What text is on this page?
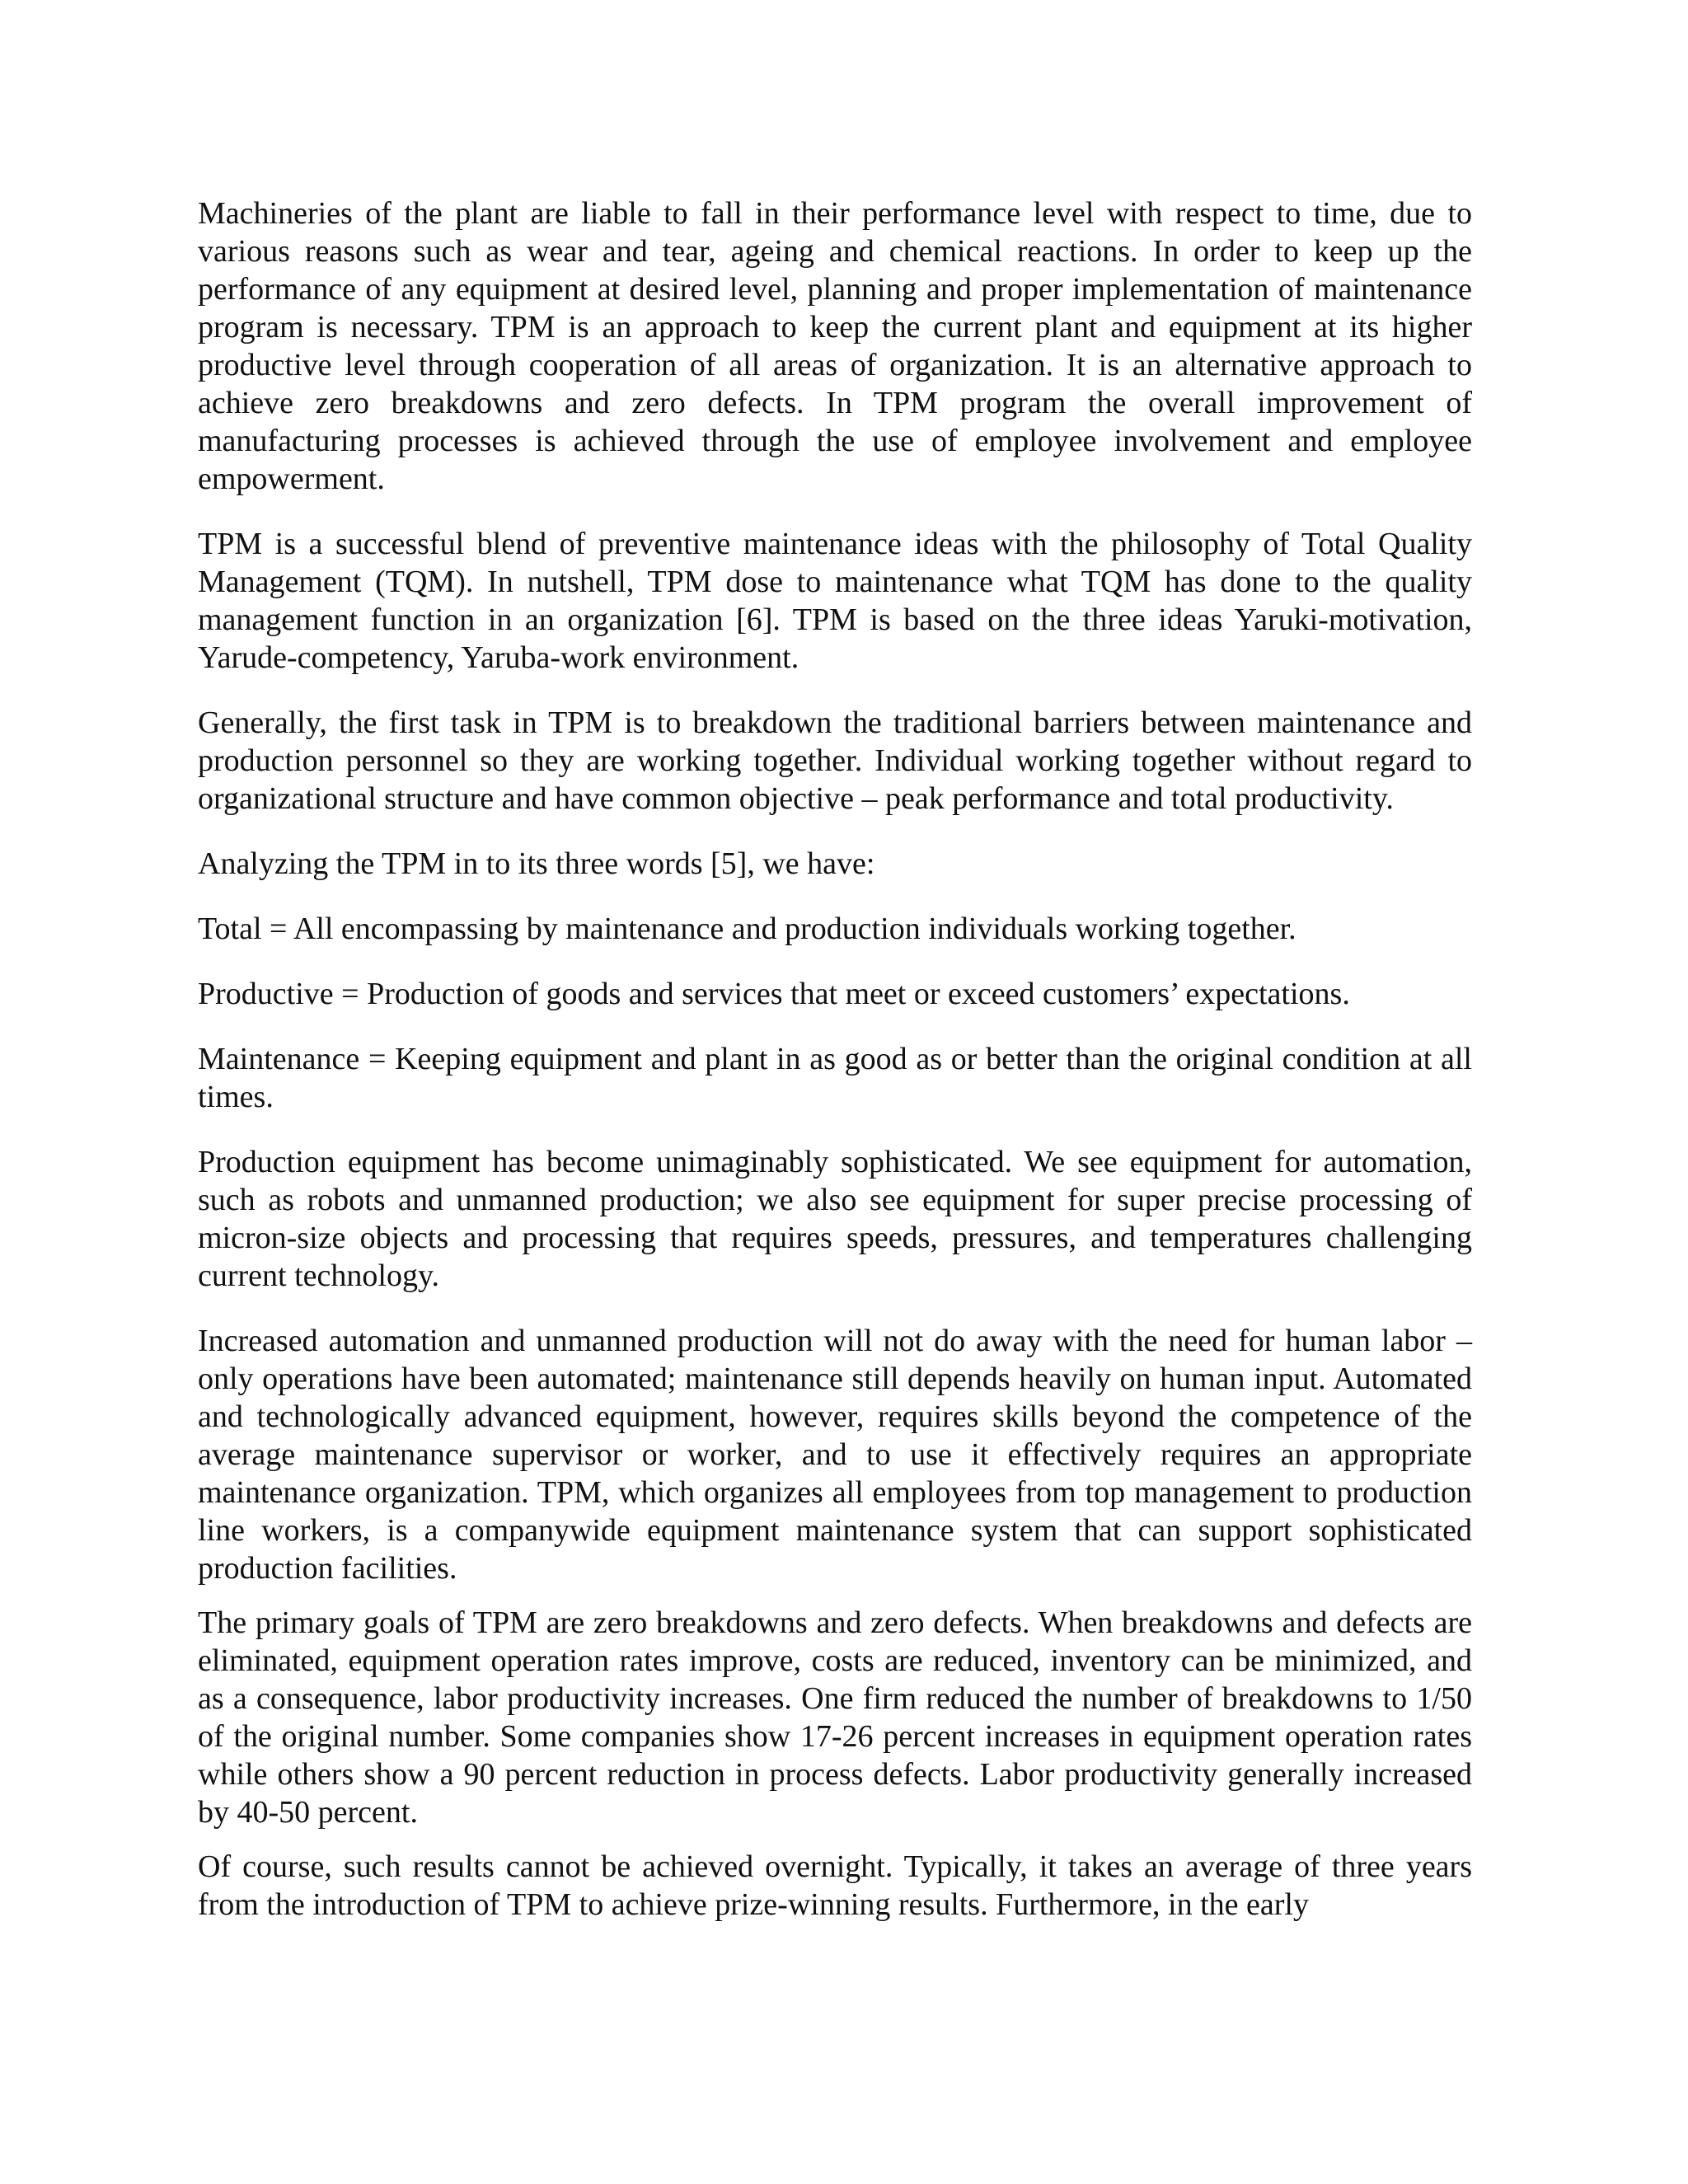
Machineries of the plant are liable to fall in their performance level with respect to time, due to various reasons such as wear and tear, ageing and chemical reactions. In order to keep up the performance of any equipment at desired level, planning and proper implementation of maintenance program is necessary. TPM is an approach to keep the current plant and equipment at its higher productive level through cooperation of all areas of organization. It is an alternative approach to achieve zero breakdowns and zero defects. In TPM program the overall improvement of manufacturing processes is achieved through the use of employee involvement and employee empowerment.

TPM is a successful blend of preventive maintenance ideas with the philosophy of Total Quality Management (TQM). In nutshell, TPM dose to maintenance what TQM has done to the quality management function in an organization [6]. TPM is based on the three ideas Yaruki-motivation, Yarude-competency, Yaruba-work environment.

Generally, the first task in TPM is to breakdown the traditional barriers between maintenance and production personnel so they are working together. Individual working together without regard to organizational structure and have common objective – peak performance and total productivity.

Analyzing the TPM in to its three words [5], we have:

Total = All encompassing by maintenance and production individuals working together.

Productive = Production of goods and services that meet or exceed customers’ expectations.

Maintenance = Keeping equipment and plant in as good as or better than the original condition at all times.

Production equipment has become unimaginably sophisticated. We see equipment for automation, such as robots and unmanned production; we also see equipment for super precise processing of micron-size objects and processing that requires speeds, pressures, and temperatures challenging current technology.

Increased automation and unmanned production will not do away with the need for human labor – only operations have been automated; maintenance still depends heavily on human input. Automated and technologically advanced equipment, however, requires skills beyond the competence of the average maintenance supervisor or worker, and to use it effectively requires an appropriate maintenance organization. TPM, which organizes all employees from top management to production line workers, is a companywide equipment maintenance system that can support sophisticated production facilities.

The primary goals of TPM are zero breakdowns and zero defects. When breakdowns and defects are eliminated, equipment operation rates improve, costs are reduced, inventory can be minimized, and as a consequence, labor productivity increases. One firm reduced the number of breakdowns to 1/50 of the original number. Some companies show 17-26 percent increases in equipment operation rates while others show a 90 percent reduction in process defects. Labor productivity generally increased by 40-50 percent.

Of course, such results cannot be achieved overnight. Typically, it takes an average of three years from the introduction of TPM to achieve prize-winning results. Furthermore, in the early
